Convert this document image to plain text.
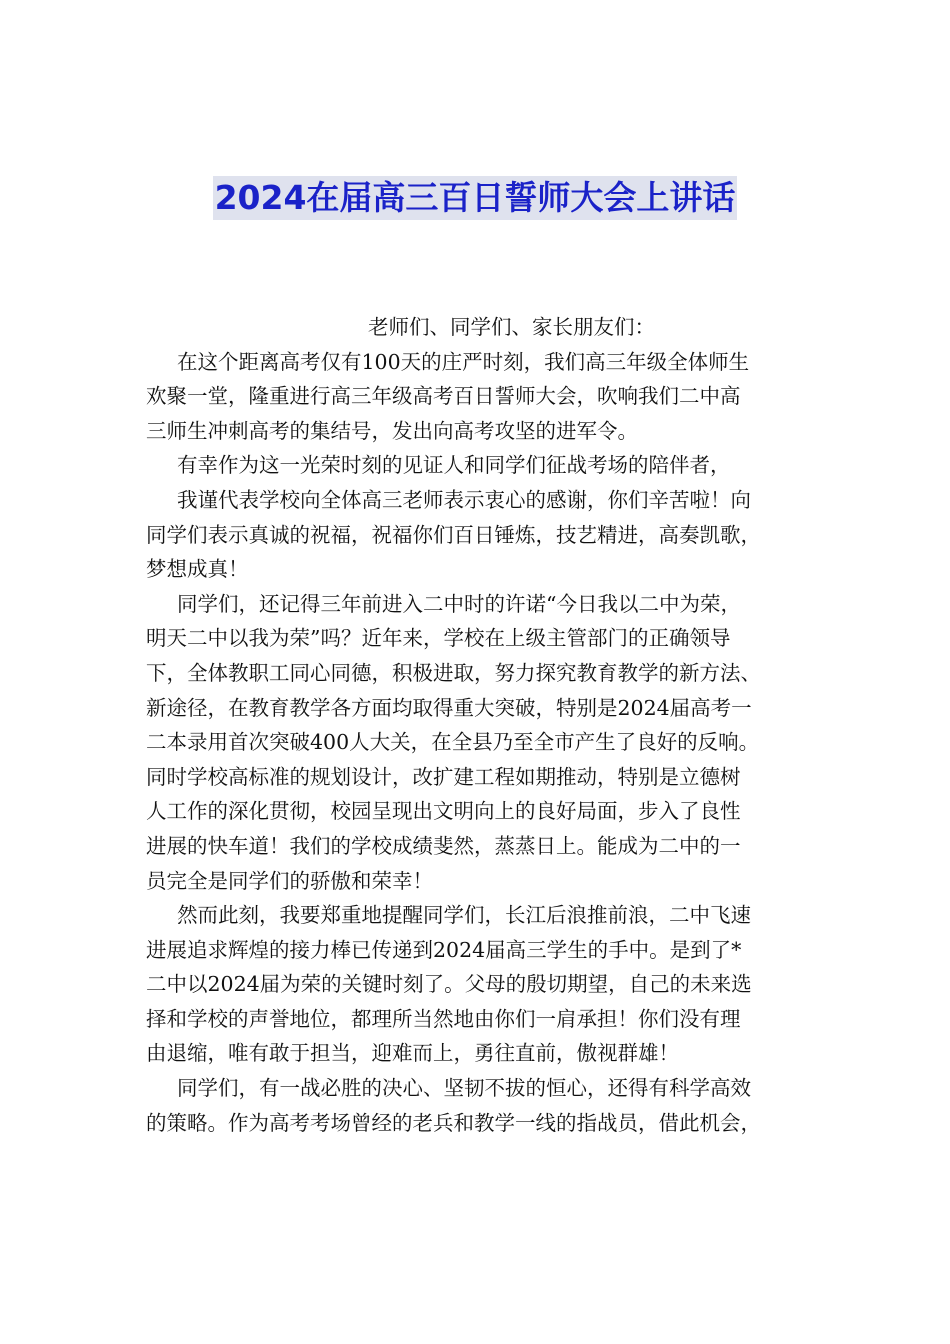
2024在届高三百日誓师大会上讲话
老师们、同学们、家长朋友们：
在这个距离高考仅有100天的庄严时刻，我们高三年级全体师生
欢聚一堂，隆重进行高三年级高考百日誓师大会，吹响我们二中高
三师生冲刺高考的集结号，发出向高考攻坚的进军令。
有幸作为这一光荣时刻的见证人和同学们征战考场的陪伴者，
我谨代表学校向全体高三老师表示衷心的感谢，你们辛苦啦！向
同学们表示真诚的祝福，祝福你们百日锤炼，技艺精进，高奏凯歌，
梦想成真！
同学们，还记得三年前进入二中时的许诺“今日我以二中为荣，
明天二中以我为荣”吗？近年来，学校在上级主管部门的正确领导
下，全体教职工同心同德，积极进取，努力探究教育教学的新方法、
新途径，在教育教学各方面均取得重大突破，特别是2024届高考一
二本录用首次突破400人大关，在全县乃至全市产生了良好的反响。
同时学校高标准的规划设计，改扩建工程如期推动，特别是立德树
人工作的深化贯彻，校园呈现出文明向上的良好局面，步入了良性
进展的快车道！我们的学校成绩斐然，蒸蒸日上。能成为二中的一
员完全是同学们的骄傲和荣幸！
然而此刻，我要郑重地提醒同学们，长江后浪推前浪，二中飞速
进展追求辉煌的接力棒已传递到2024届高三学生的手中。是到了*
二中以2024届为荣的关键时刻了。父母的殷切期望，自己的未来选
择和学校的声誉地位，都理所当然地由你们一肩承担！你们没有理
由退缩，唯有敢于担当，迎难而上，勇往直前，傲视群雄！
同学们，有一战必胜的决心、坚韧不拔的恒心，还得有科学高效
的策略。作为高考考场曾经的老兵和教学一线的指战员，借此机会，
